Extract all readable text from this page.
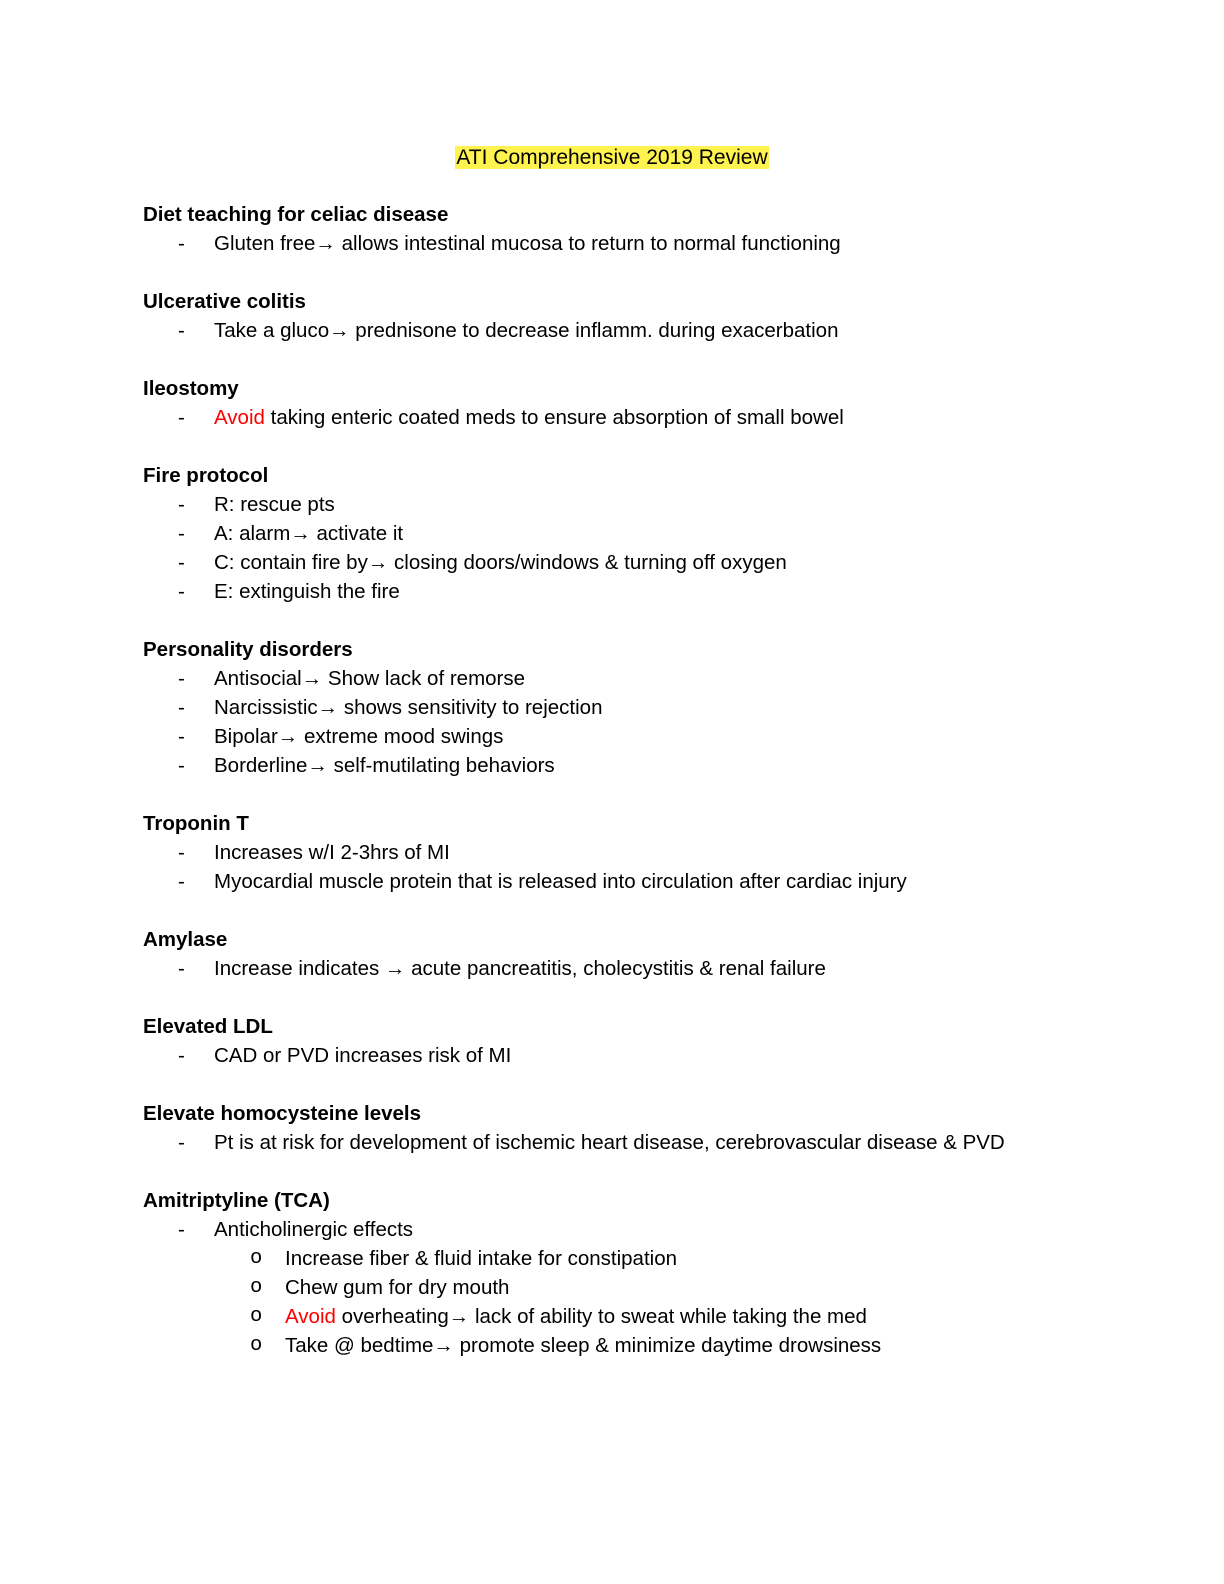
ATI Comprehensive 2019 Review
Diet teaching for celiac disease
- Gluten free→ allows intestinal mucosa to return to normal functioning
Ulcerative colitis
- Take a gluco→ prednisone to decrease inflamm. during exacerbation
Ileostomy
- Avoid taking enteric coated meds to ensure absorption of small bowel
Fire protocol
- R: rescue pts
- A: alarm→ activate it
- C: contain fire by→ closing doors/windows & turning off oxygen
- E: extinguish the fire
Personality disorders
- Antisocial→ Show lack of remorse
- Narcissistic→ shows sensitivity to rejection
- Bipolar→ extreme mood swings
- Borderline→ self-mutilating behaviors
Troponin T
- Increases w/I 2-3hrs of MI
- Myocardial muscle protein that is released into circulation after cardiac injury
Amylase
- Increase indicates → acute pancreatitis, cholecystitis & renal failure
Elevated LDL
- CAD or PVD increases risk of MI
Elevate homocysteine levels
- Pt is at risk for development of ischemic heart disease, cerebrovascular disease & PVD
Amitriptyline (TCA)
- Anticholinergic effects
o Increase fiber & fluid intake for constipation
o Chew gum for dry mouth
o Avoid overheating→ lack of ability to sweat while taking the med
o Take @ bedtime→ promote sleep & minimize daytime drowsiness
